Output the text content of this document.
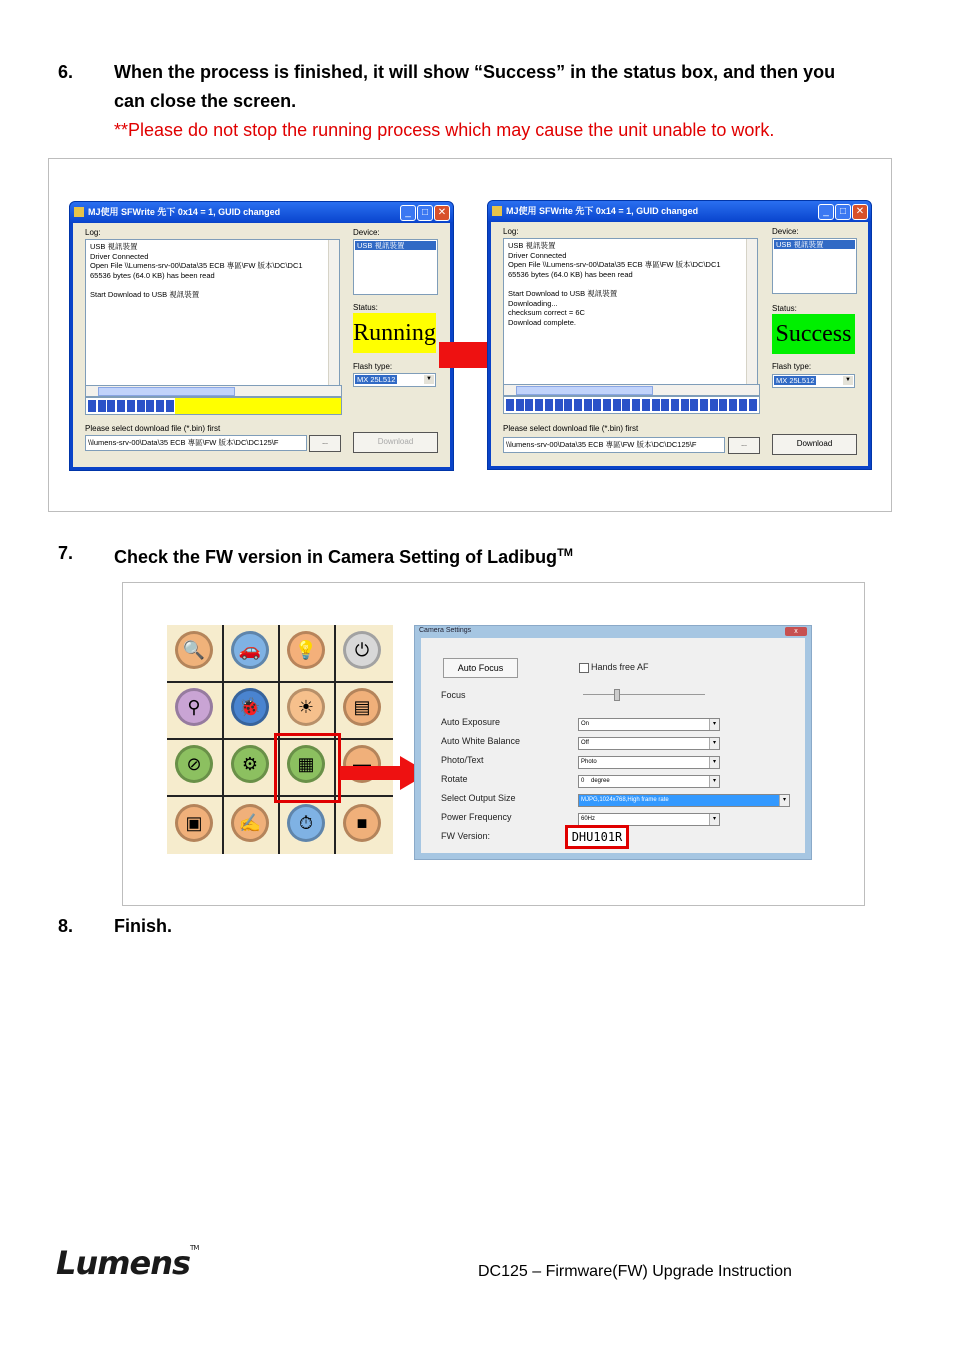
6. When the process is finished, it will show “Success” in the status box, and then you
can close the screen.
**Please do not stop the running process which may cause the unit unable to work.
MJ使用 SFWrite 先下 0x14 = 1, GUID changed	_	□ ✕
Log:
USB 視訊裝置
Driver Connected
Open File \\Lumens-srv-00\Data\35 ECB 專區\FW 版本\DC\DC1
65536 bytes (64.0 KB) has been read
Start Download to USB 視訊裝置
Device:
USB 視訊裝置
Status:
Running
Flash type:
MX 25L512	▼
Please select download file (*.bin) first
\\lumens-srv-00\Data\35 ECB 專區\FW 版本\DC\DC125\F	...	Download
MJ使用 SFWrite 先下 0x14 = 1, GUID changed	_	□ ✕
Log:
USB 視訊裝置
Driver Connected
Open File \\Lumens-srv-00\Data\35 ECB 專區\FW 版本\DC\DC1
65536 bytes (64.0 KB) has been read
Start Download to USB 視訊裝置
Downloading...
checksum correct = 6C
Download complete.
Device:
USB 視訊裝置
Status:
Success
Flash type:
MX 25L512	▼
Please select download file (*.bin) first
\\lumens-srv-00\Data\35 ECB 專區\FW 版本\DC\DC125\F	...	Download
7. Check the FW version in Camera Setting of Ladibug™
🔍	🚗	💡	⏻
⚲	🐞	☀	▤
⊘	⚙	▦	▬
▣	✍	⏱	■
Camera Settings	x
Auto Focus	Hands free AF
Focus
Auto Exposure	On	▾
Auto White Balance	Off	▾
Photo/Text	Photo	▾
Rotate	0    degree	▾
Select Output Size	MJPG,1024x768,High frame rate	▾
Power Frequency	60Hz	▾
FW Version:	DHU101R
8. Finish.
Lumens™
DC125 – Firmware(FW) Upgrade Instruction
